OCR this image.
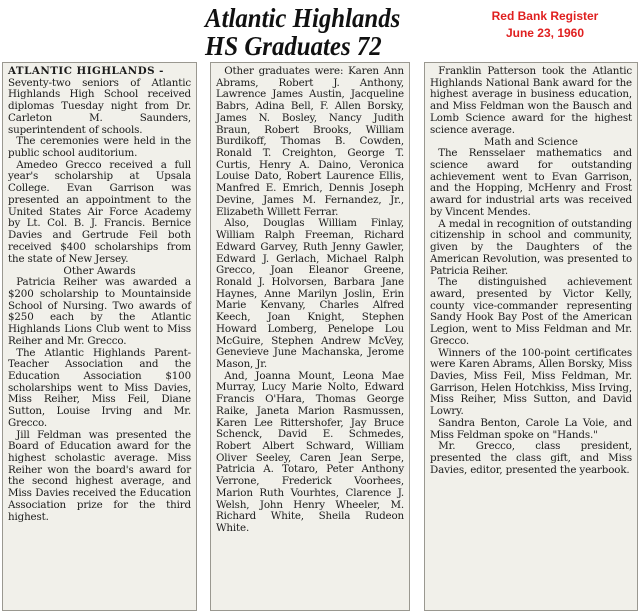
Atlantic Highlands
HS Graduates 72
Red Bank Register
June 23, 1960

ATLANTIC HIGHLANDS -

Seventy-two seniors of Atlantic Highlands High School received diplomas Tuesday night from Dr. Carleton M. Saunders, superintendent of schools.

The ceremonies were held in the public school auditorium.

Amedeo Grecco received a full year's scholarship at Upsala College. Evan Garrison was presented an appointment to the United States Air Force Academy by Lt. Col. B. J. Francis. Bernice Davies and Gertrude Feil both received $400 scholarships from the state of New Jersey.

Other Awards

Patricia Reiher was awarded a $200 scholarship to Mountainside School of Nursing. Two awards of $250 each by the Atlantic Highlands Lions Club went to Miss Reiher and Mr. Grecco.

The Atlantic Highlands Parent-Teacher Association and the Education Association $100 scholarships went to Miss Davies, Miss Reiher, Miss Feil, Diane Sutton, Louise Irving and Mr. Grecco.

Jill Feldman was presented the Board of Education award for the highest scholastic average. Miss Reiher won the board's award for the second highest average, and Miss Davies received the Education Association prize for the third highest.

Other graduates were: Karen Ann Abrams, Robert J. Anthony, Lawrence James Austin, Jacqueline Babrs, Adina Bell, F. Allen Borsky, James N. Bosley, Nancy Judith Braun, Robert Brooks, William Burdikoff, Thomas B. Cowden, Ronald T. Creighton, George T. Curtis, Henry A. Daino, Veronica Louise Dato, Robert Laurence Ellis, Manfred E. Emrich, Dennis Joseph Devine, James M. Fernandez, Jr., Elizabeth Willett Ferrar.

Also, Douglas William Finlay, William Ralph Freeman, Richard Edward Garvey, Ruth Jenny Gawler, Edward J. Gerlach, Michael Ralph Grecco, Joan Eleanor Greene, Ronald J. Holvorsen, Barbara Jane Haynes, Anne Marilyn Joslin, Erin Marie Kenvany, Charles Alfred Keech, Joan Knight, Stephen Howard Lomberg, Penelope Lou McGuire, Stephen Andrew McVey, Genevieve June Machanska, Jerome Mason, Jr.

And, Joanna Mount, Leona Mae Murray, Lucy Marie Nolto, Edward Francis O'Hara, Thomas George Raike, Janeta Marion Rasmussen, Karen Lee Rittershofer, Jay Bruce Schenck, David E. Schmedes, Robert Albert Schward, William Oliver Seeley, Caren Jean Serpe, Patricia A. Totaro, Peter Anthony Verrone, Frederick Voorhees, Marion Ruth Vourhtes, Clarence J. Welsh, John Henry Wheeler, M. Richard White, Sheila Rudeon White.

Franklin Patterson took the Atlantic Highlands National Bank award for the highest average in business education, and Miss Feldman won the Bausch and Lomb Science award for the highest science average.

Math and Science

The Rensselaer mathematics and science award for outstanding achievement went to Evan Garrison, and the Hopping, McHenry and Frost award for industrial arts was received by Vincent Mendes.

A medal in recognition of outstanding citizenship in school and community, given by the Daughters of the American Revolution, was presented to Patricia Reiher.

The distinguished achievement award, presented by Victor Kelly, county vice-commander representing Sandy Hook Bay Post of the American Legion, went to Miss Feldman and Mr. Grecco.

Winners of the 100-point certificates were Karen Abrams, Allen Borsky, Miss Davies, Miss Feil, Miss Feldman, Mr. Garrison, Helen Hotchkiss, Miss Irving, Miss Reiher, Miss Sutton, and David Lowry.

Sandra Benton, Carole La Voie, and Miss Feldman spoke on "Hands."

Mr. Grecco, class president, presented the class gift, and Miss Davies, editor, presented the yearbook.
